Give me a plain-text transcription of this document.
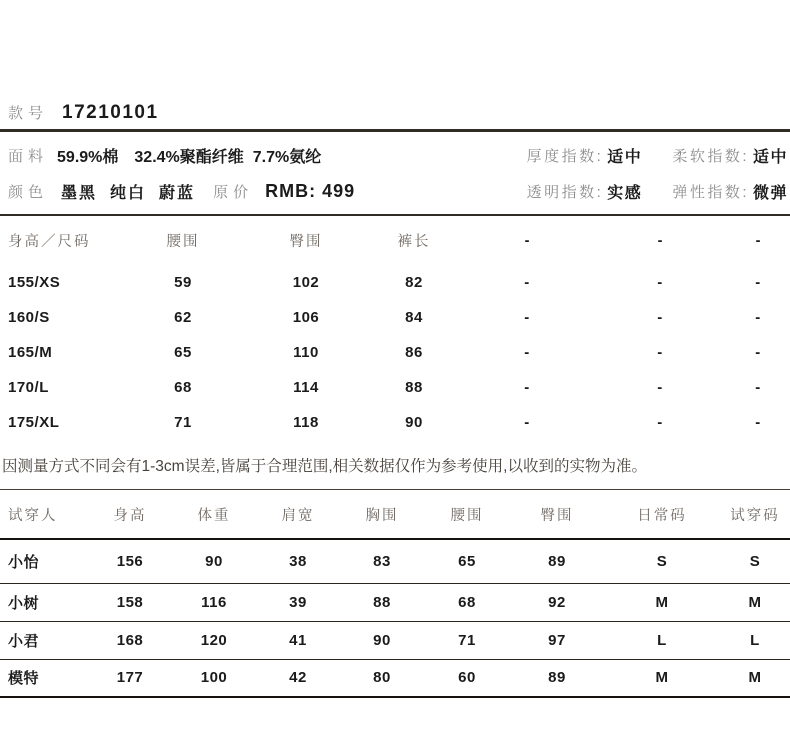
款号 17210101
面料 59.9%棉 32.4%聚酯纤维 7.7%氨纶	厚度指数: 适中 柔软指数: 适中
颜色 墨黑 纯白 蔚蓝 原价 RMB: 499	透明指数: 实感 弹性指数: 微弹
身高／尺码	腰围	臀围	裤长	-	-	-
155/XS	59	102	82	-	-	-
160/S	62	106	84	-	-	-
165/M	65	110	86	-	-	-
170/L	68	114	88	-	-	-
175/XL	71	118	90	-	-	-
因测量方式不同会有1-3cm误差,皆属于合理范围,相关数据仅作为参考使用,以收到的实物为准。
试穿人	身高	体重	肩宽	胸围	腰围	臀围	日常码	试穿码
小怡	156	90	38	83	65	89	S	S
小树	158	116	39	88	68	92	M	M
小君	168	120	41	90	71	97	L	L
模特	177	100	42	80	60	89	M	M
